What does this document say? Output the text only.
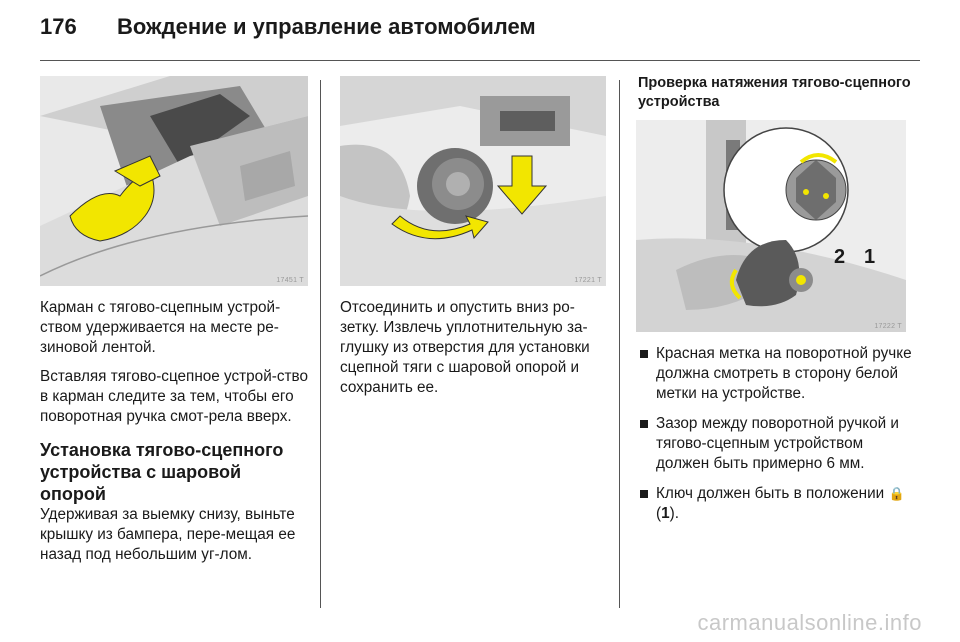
176 Вождение и управление автомобилем
17451 T	17221 T

Карман с тягово-сцепным устрой-ством удерживается на месте ре-зиновой лентой.

Вставляя тягово-сцепное устрой-ство в карман следите за тем, чтобы его поворотная ручка смот-рела вверх.

Установка тягово-сцепного устройства с шаровой опорой

Удерживая за выемку снизу, выньте крышку из бампера, пере-мещая ее назад под небольшим уг-лом.

Отсоединить и опустить вниз ро-зетку. Извлечь уплотнительную за-глушку из отверстия для установки сцепной тяги с шаровой опорой и сохранить ее.

Проверка натяжения тягово-сцепного устройства
2 1
17222 T
Красная метка на поворотной ручке должна смотреть в сторону белой метки на устройстве.
Зазор между поворотной ручкой и тягово-сцепным устройством должен быть примерно 6 мм.
Ключ должен быть в положении 🔒 (1).
carmanualsonline.info
